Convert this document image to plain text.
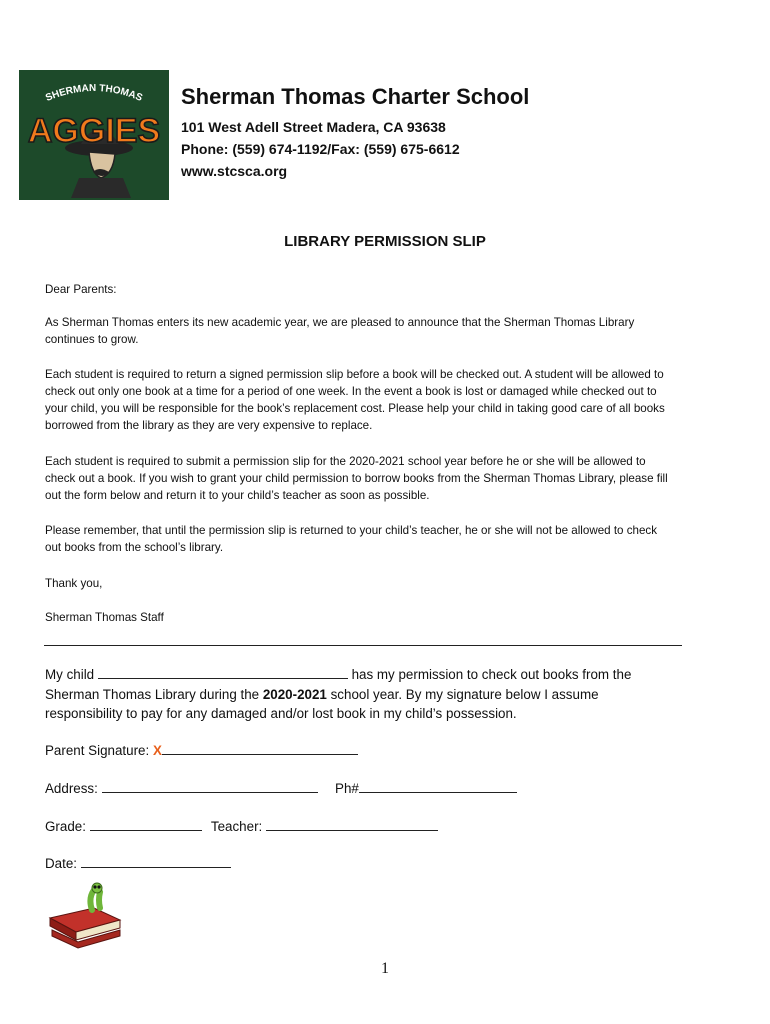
SHERMAN THOMAS
AGGIES
Sherman Thomas Charter School
101 West Adell Street Madera, CA 93638
Phone: (559) 674-1192/Fax: (559) 675-6612
www.stcsca.org
LIBRARY PERMISSION SLIP

Dear Parents:

As Sherman Thomas enters its new academic year, we are pleased to announce that the Sherman Thomas Library continues to grow.

Each student is required to return a signed permission slip before a book will be checked out. A student will be allowed to check out only one book at a time for a period of one week. In the event a book is lost or damaged while checked out to your child, you will be responsible for the book’s replacement cost. Please help your child in taking good care of all books borrowed from the library as they are very expensive to replace.

Each student is required to submit a permission slip for the 2020-2021 school year before he or she will be allowed to check out a book. If you wish to grant your child permission to borrow books from the Sherman Thomas Library, please fill out the form below and return it to your child’s teacher as soon as possible.

Please remember, that until the permission slip is returned to your child’s teacher, he or she will not be allowed to check out books from the school’s library.

Thank you,

Sherman Thomas Staff

My child	has my permission to check out books from the
Sherman Thomas Library during the 2020-2021 school year. By my signature below I assume
responsibility to pay for any damaged and/or lost book in my child’s possession.
Parent Signature: X
Address:	Ph#
Grade:	Teacher:
Date:
1
